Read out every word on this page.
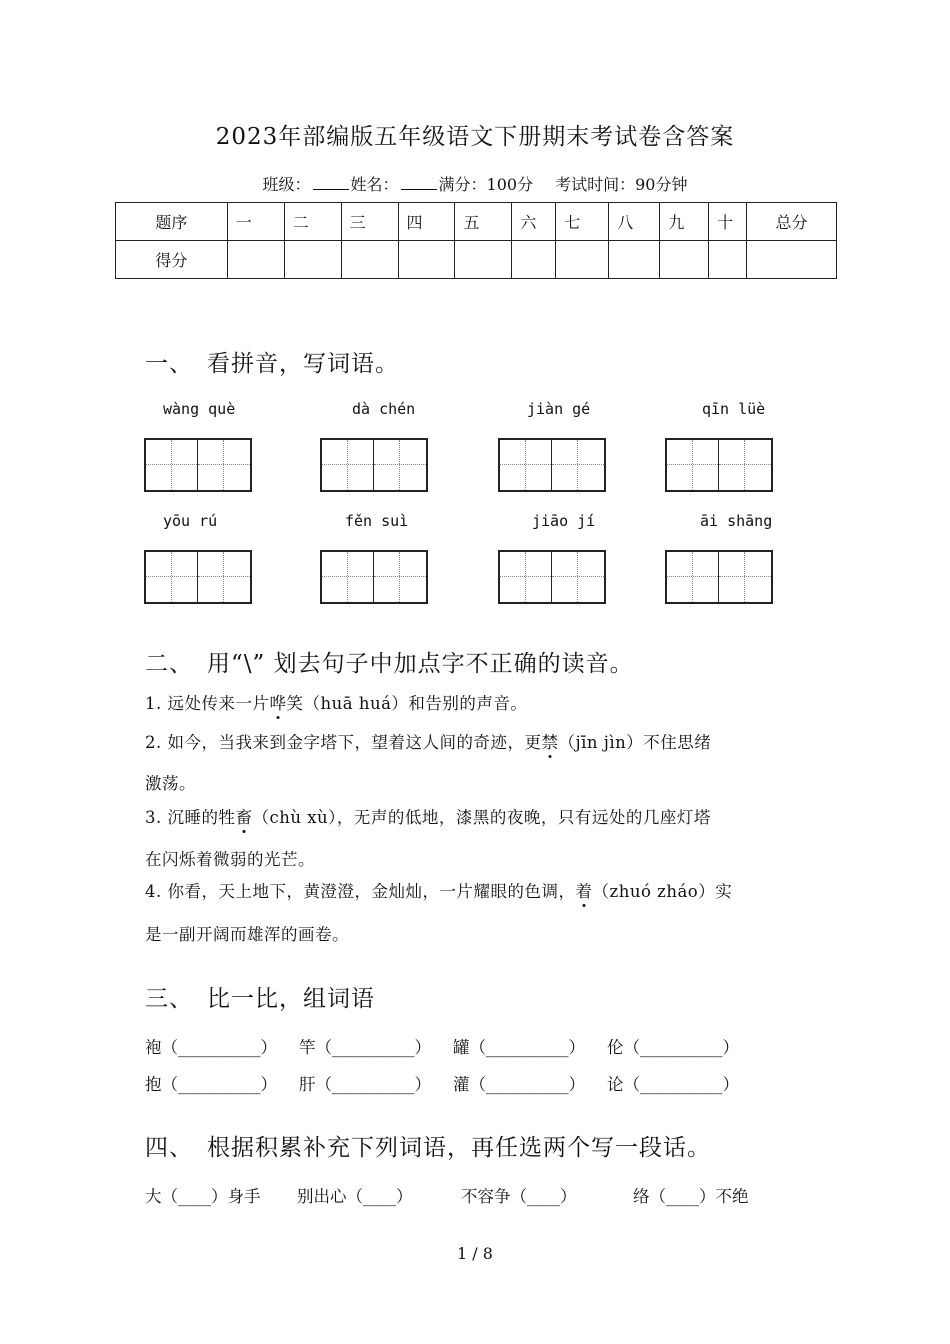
2023年部编版五年级语文下册期末考试卷含答案
班级：	姓名：	满分：100分 考试时间：90分钟
题序	一	二	三	四	五	六	七	八	九	十	总分
得分											
一、 看拼音，写词语。
wàng què	dà chén	jiàn gé	qīn lüè
yōu rú	fěn suì	jiāo jí	āi shāng
二、 用“\” 划去句子中加点字不正确的读音。
1. 远处传来一片哗笑（huā huá）和告别的声音。
2. 如今，当我来到金字塔下，望着这人间的奇迹，更禁（jīn jìn）不住思绪
激荡。
3. 沉睡的牲畜（chù xù），无声的低地，漆黑的夜晚，只有远处的几座灯塔
在闪烁着微弱的光芒。
4. 你看，天上地下，黄澄澄，金灿灿，一片耀眼的色调，着（zhuó zháo）实
是一副开阔而雄浑的画卷。
三、 比一比，组词语
袍（__________） 竿（__________） 罐（__________） 伦（__________）
抱（__________） 肝（__________） 灌（__________） 论（__________）
四、 根据积累补充下列词语，再任选两个写一段话。
大（____）身手 别出心（____）	不容争（____）	络（____）不绝
1 / 8
